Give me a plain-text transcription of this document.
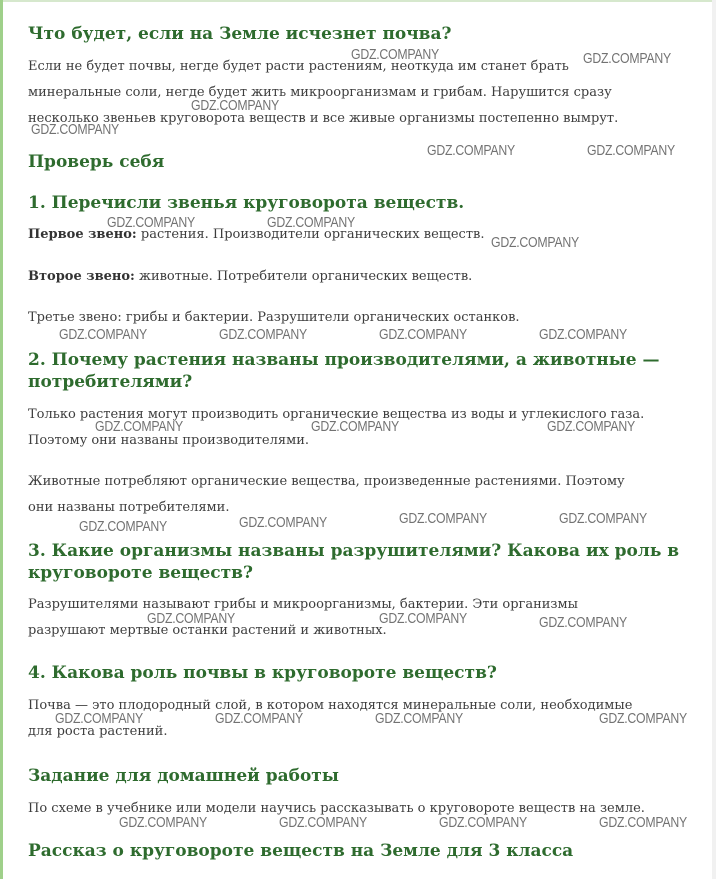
Что будет, если на Земле исчезнет почва?

Если не будет почвы, негде будет расти растениям, неоткуда им станет брать

минеральные соли, негде будет жить микроорганизмам и грибам. Нарушится сразу

несколько звеньев круговорота веществ и все живые организмы постепенно вымрут.

Проверь себя
1. Перечисли звенья круговорота веществ.

Первое звено: растения. Производители органических веществ.

Второе звено: животные. Потребители органических веществ.

Третье звено: грибы и бактерии. Разрушители органических останков.

2. Почему растения названы производителями, а животные —
потребителями?

Только растения могут производить органические вещества из воды и углекислого газа.

Поэтому они названы производителями.

Животные потребляют органические вещества, произведенные растениями. Поэтому

они названы потребителями.

3. Какие организмы названы разрушителями? Какова их роль в
круговороте веществ?

Разрушителями называют грибы и микроорганизмы, бактерии. Эти организмы

разрушают мертвые останки растений и животных.

4. Какова роль почвы в круговороте веществ?

Почва — это плодородный слой, в котором находятся минеральные соли, необходимые

для роста растений.

Задание для домашней работы

По схеме в учебнике или модели научись рассказывать о круговороте веществ на земле.

Рассказ о круговороте веществ на Земле для 3 класса
GDZ.COMPANY	GDZ.COMPANY
GDZ.COMPANY
GDZ.COMPANY
GDZ.COMPANY	GDZ.COMPANY
GDZ.COMPANY	GDZ.COMPANY
GDZ.COMPANY
GDZ.COMPANY	GDZ.COMPANY	GDZ.COMPANY	GDZ.COMPANY
GDZ.COMPANY	GDZ.COMPANY	GDZ.COMPANY
GDZ.COMPANY	GDZ.COMPANY	GDZ.COMPANY	GDZ.COMPANY
GDZ.COMPANY	GDZ.COMPANY	GDZ.COMPANY
GDZ.COMPANY	GDZ.COMPANY	GDZ.COMPANY	GDZ.COMPANY
GDZ.COMPANY	GDZ.COMPANY	GDZ.COMPANY	GDZ.COMPANY
